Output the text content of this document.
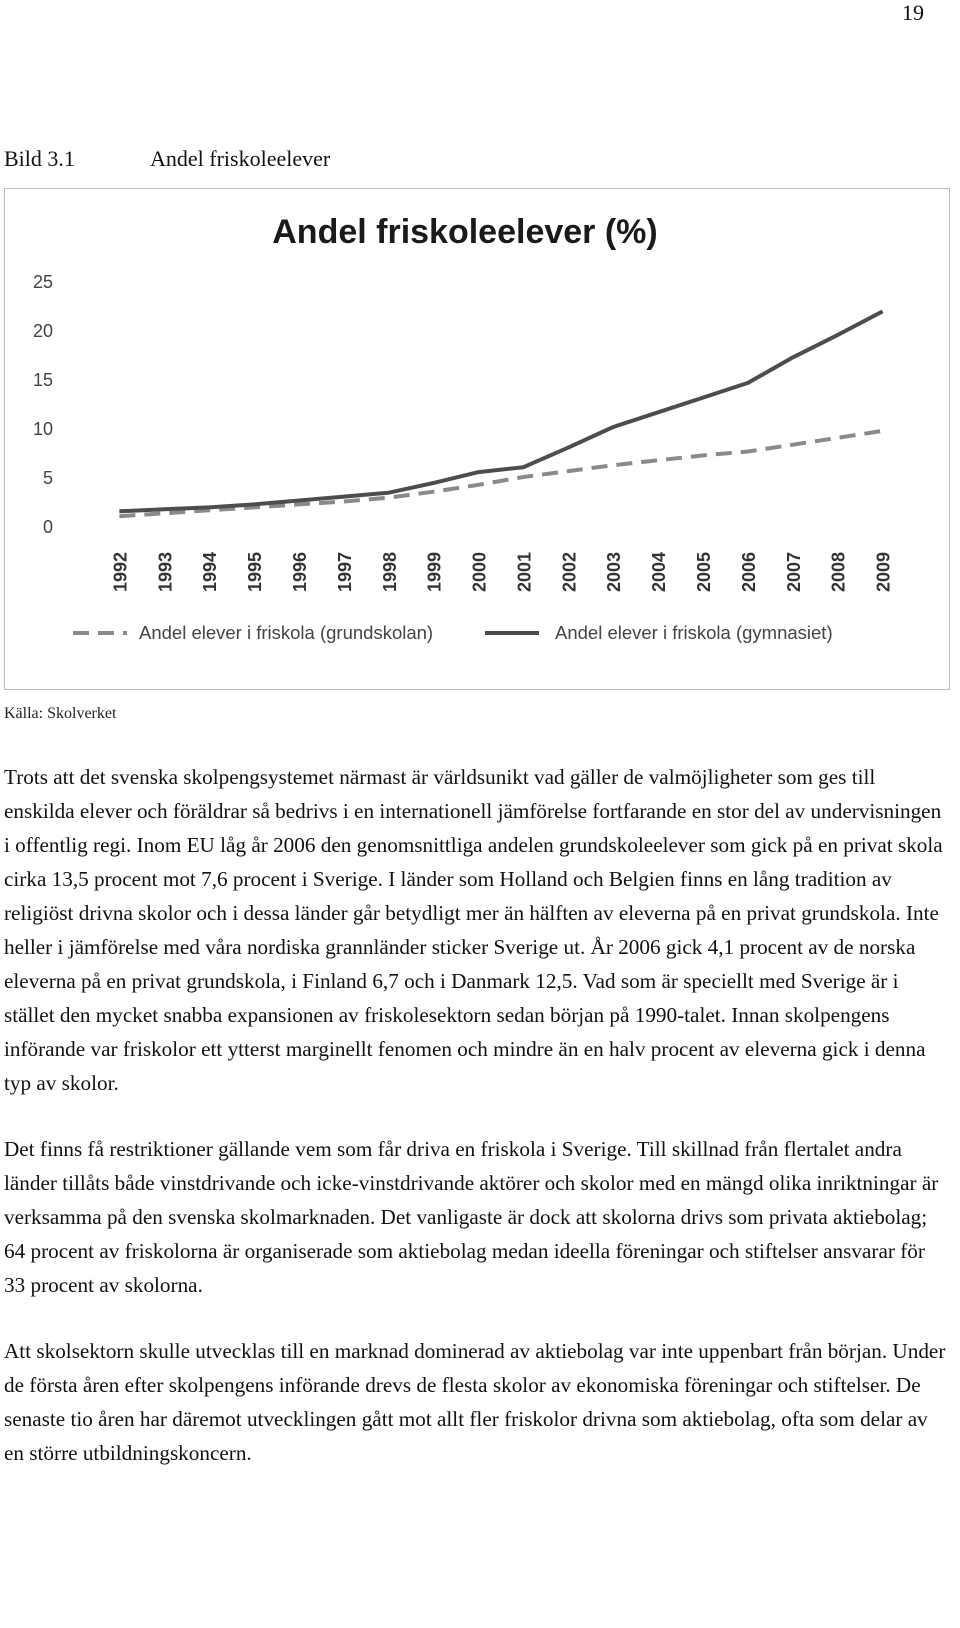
19
Bild 3.1	Andel friskoleelever
Andel friskoleelever (%)
0
5
10
15
20
25
1992 1993 1994 1995 1996 1997 1998 1999 2000 2001 2002 2003 2004 2005 2006 2007 2008 2009
Andel elever i friskola (grundskolan)	Andel elever i friskola (gymnasiet)
Källa: Skolverket

Trots att det svenska skolpengsystemet närmast är världsunikt vad gäller de valmöjligheter som ges till enskilda elever och föräldrar så bedrivs i en internationell jämförelse fortfarande en stor del av undervisningen i offentlig regi. Inom EU låg år 2006 den genomsnittliga andelen grundskoleelever som gick på en privat skola cirka 13,5 procent mot 7,6 procent i Sverige. I länder som Holland och Belgien finns en lång tradition av religiöst drivna skolor och i dessa länder går betydligt mer än hälften av eleverna på en privat grundskola. Inte heller i jämförelse med våra nordiska grannländer sticker Sverige ut. År 2006 gick 4,1 procent av de norska eleverna på en privat grundskola, i Finland 6,7 och i Danmark 12,5. Vad som är speciellt med Sverige är i stället den mycket snabba expansionen av friskolesektorn sedan början på 1990-talet. Innan skolpengens införande var friskolor ett ytterst marginellt fenomen och mindre än en halv procent av eleverna gick i denna typ av skolor.

Det finns få restriktioner gällande vem som får driva en friskola i Sverige. Till skillnad från flertalet andra länder tillåts både vinstdrivande och icke-vinstdrivande aktörer och skolor med en mängd olika inriktningar är verksamma på den svenska skolmarknaden. Det vanligaste är dock att skolorna drivs som privata aktiebolag; 64 procent av friskolorna är organiserade som aktiebolag medan ideella föreningar och stiftelser ansvarar för 33 procent av skolorna.

Att skolsektorn skulle utvecklas till en marknad dominerad av aktiebolag var inte uppenbart från början. Under de första åren efter skolpengens införande drevs de flesta skolor av ekonomiska föreningar och stiftelser. De senaste tio åren har däremot utvecklingen gått mot allt fler friskolor drivna som aktiebolag, ofta som delar av en större utbildningskoncern.
